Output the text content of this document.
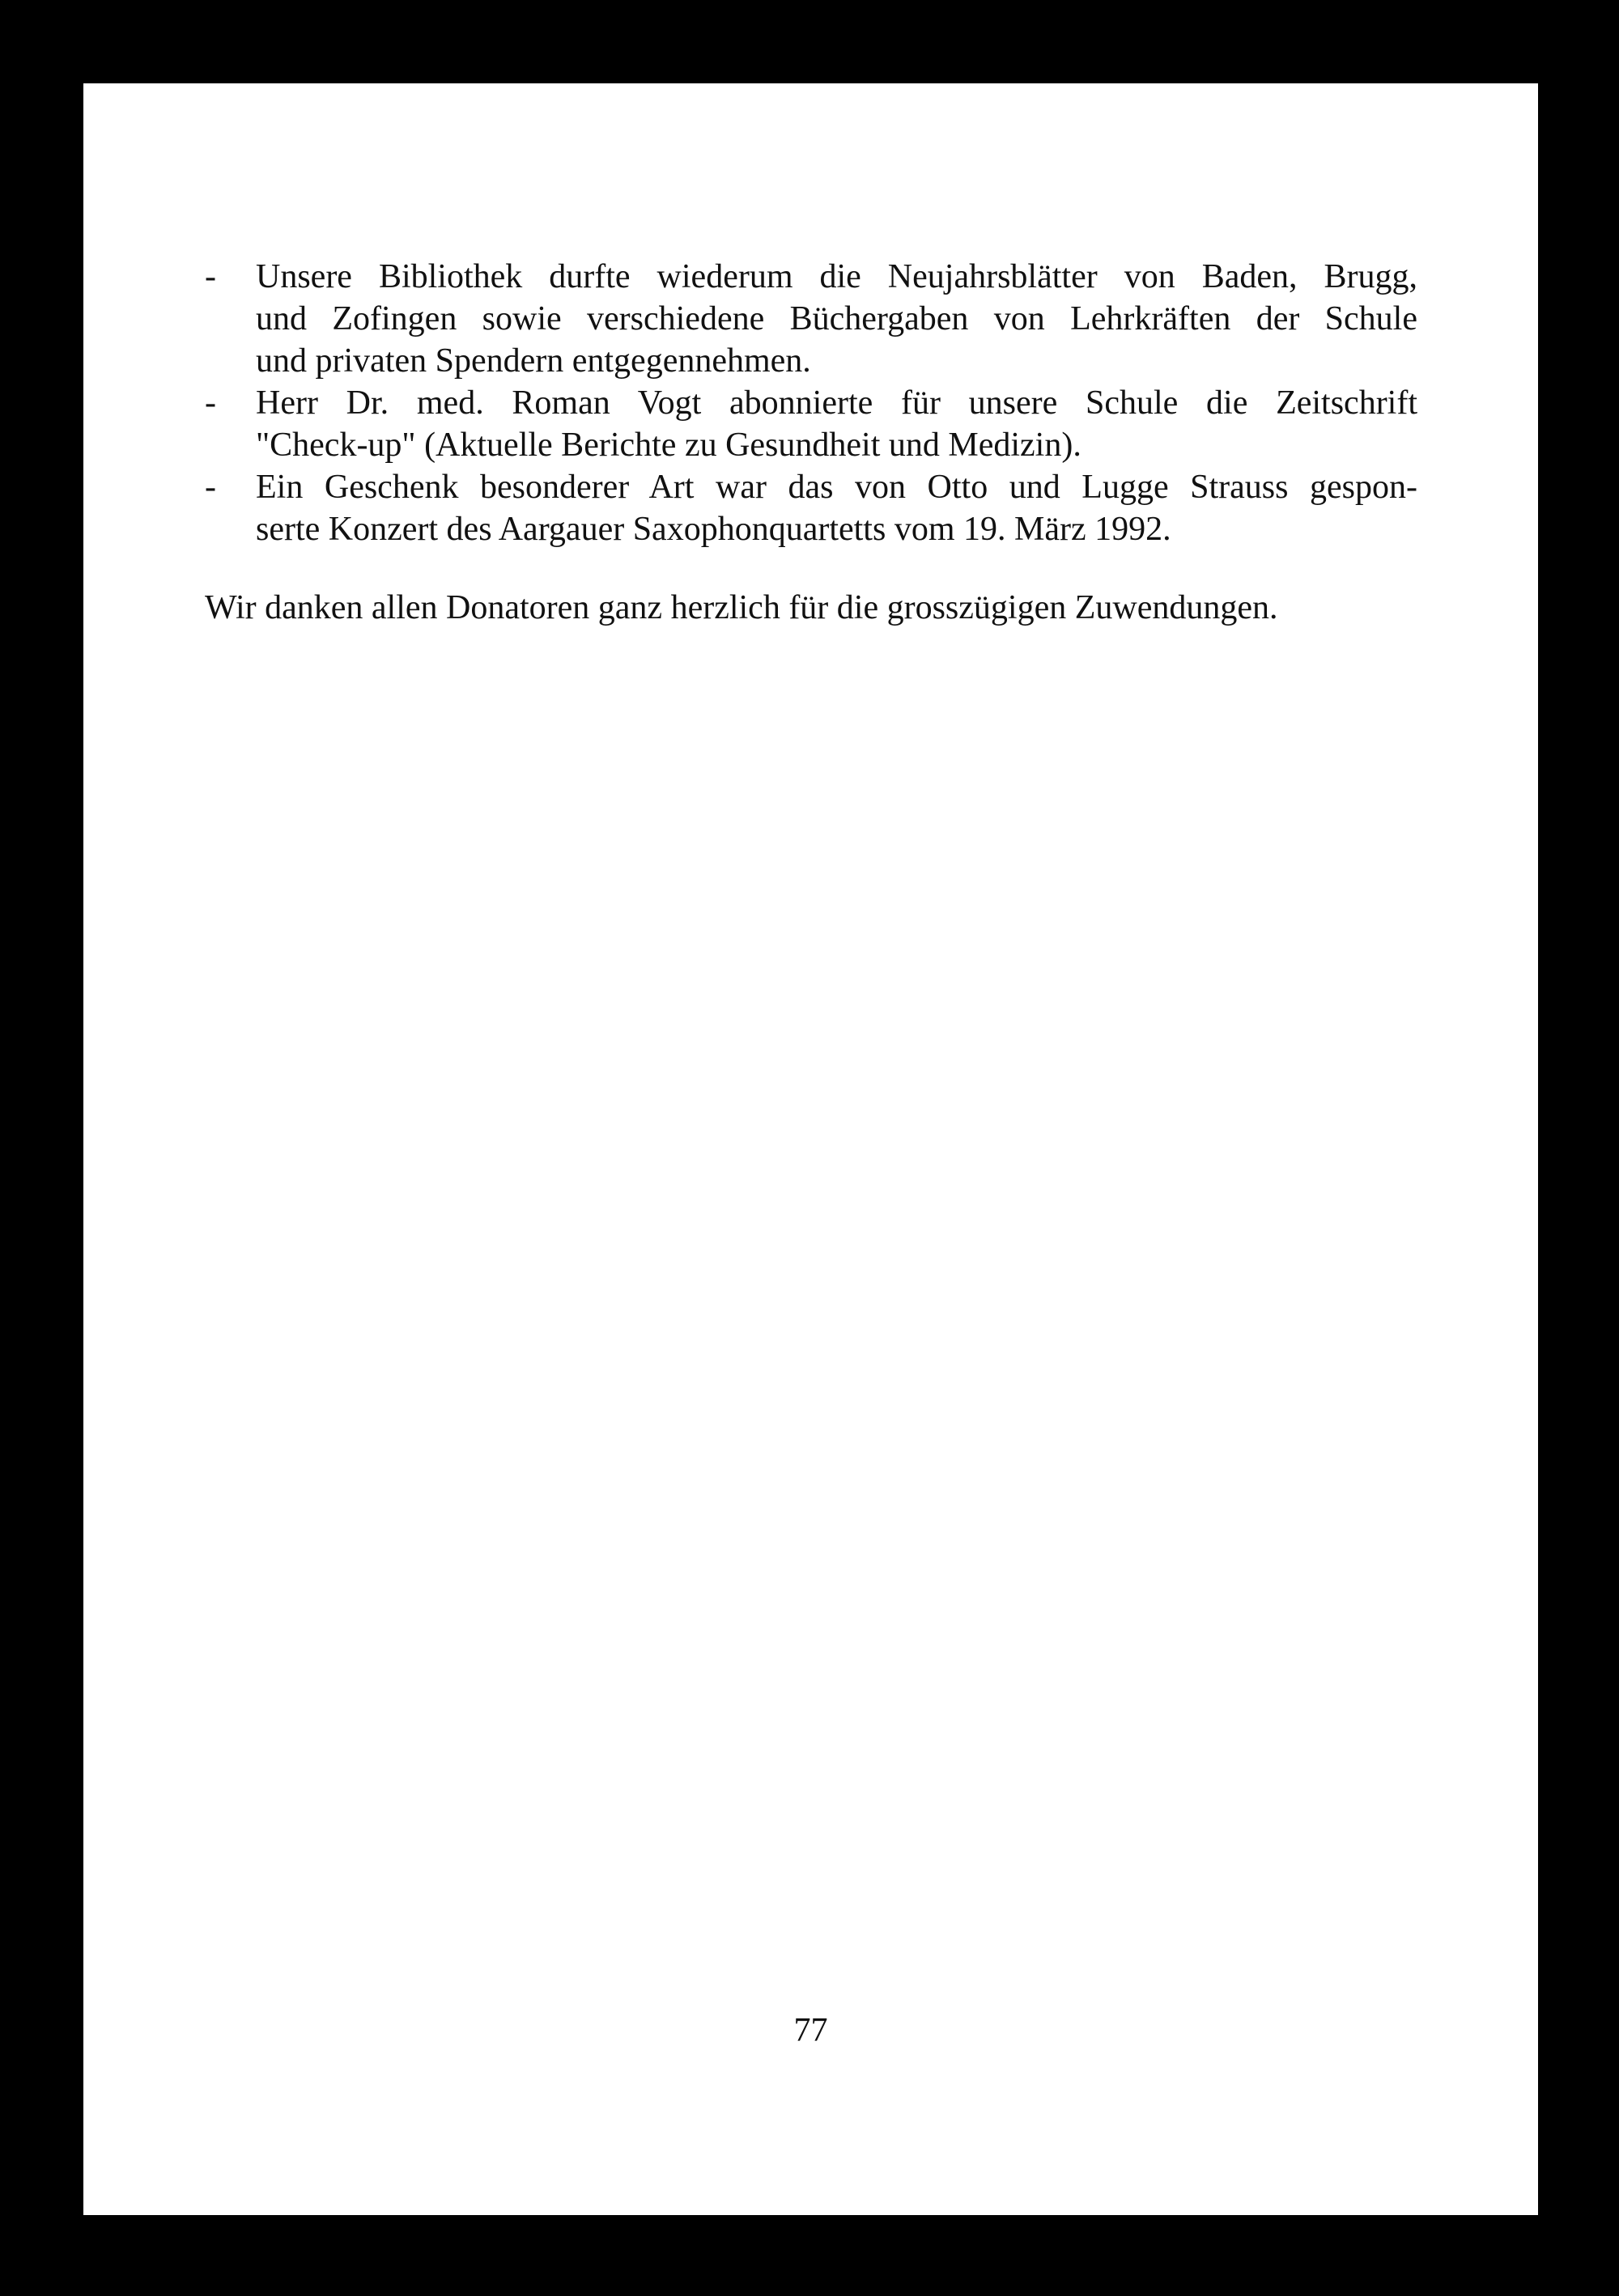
- Unsere Bibliothek durfte wiederum die Neujahrsblätter von Baden, Brugg,
und Zofingen sowie verschiedene Büchergaben von Lehrkräften der Schule
und privaten Spendern entgegennehmen.
- Herr Dr. med. Roman Vogt abonnierte für unsere Schule die Zeitschrift
"Check-up" (Aktuelle Berichte zu Gesundheit und Medizin).
- Ein Geschenk besonderer Art war das von Otto und Lugge Strauss gespon-
serte Konzert des Aargauer Saxophonquartetts vom 19. März 1992.

Wir danken allen Donatoren ganz herzlich für die grosszügigen Zuwendungen.

77
